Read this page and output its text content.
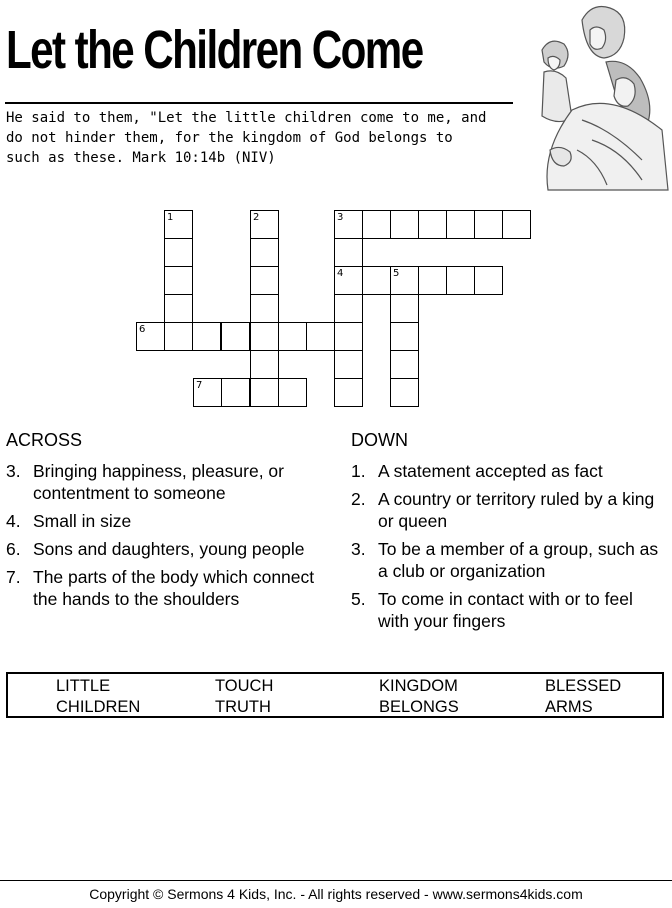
Let the Children Come
He said to them, "Let the little children come to me, and
do not hinder them, for the kingdom of God belongs to
such as these. Mark 10:14b (NIV)
1	2	3
4	5
6
7
ACROSS
3. Bringing happiness, pleasure, or contentment to someone
4. Small in size
6. Sons and daughters, young people
7. The parts of the body which connect the hands to the shoulders
DOWN
1. A statement accepted as fact
2. A country or territory ruled by a king or queen
3. To be a member of a group, such as a club or organization
5. To come in contact with or to feel with your fingers
LITTLE	TOUCH	KINGDOM	BLESSED
CHILDREN	TRUTH	BELONGS	ARMS
Copyright © Sermons 4 Kids, Inc. - All rights reserved - www.sermons4kids.com
